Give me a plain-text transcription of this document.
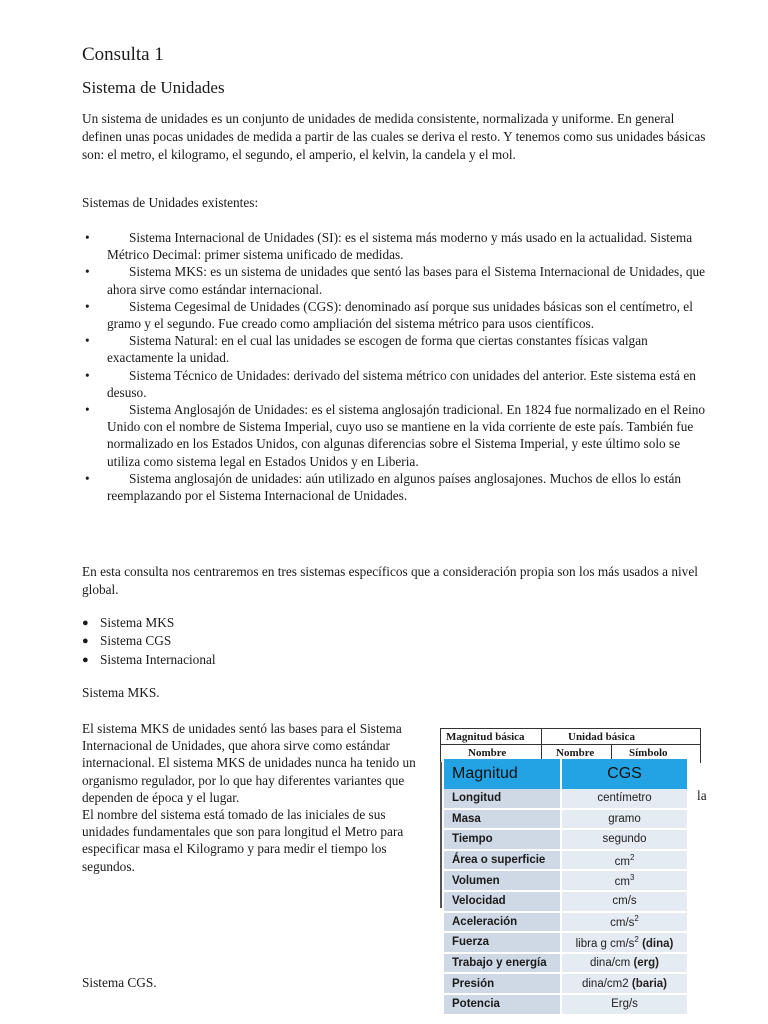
Consulta 1
Sistema de Unidades

Un sistema de unidades es un conjunto de unidades de medida consistente, normalizada y uniforme. En general definen unas pocas unidades de medida a partir de las cuales se deriva el resto. Y tenemos como sus unidades básicas son: el metro, el kilogramo, el segundo, el amperio, el kelvin, la candela y el mol.

Sistemas de Unidades existentes:

•	Sistema Internacional de Unidades (SI): es el sistema más moderno y más usado en la actualidad. Sistema Métrico Decimal: primer sistema unificado de medidas.
•	Sistema MKS: es un sistema de unidades que sentó las bases para el Sistema Internacional de Unidades, que ahora sirve como estándar internacional.
•	Sistema Cegesimal de Unidades (CGS): denominado así porque sus unidades básicas son el centímetro, el gramo y el segundo. Fue creado como ampliación del sistema métrico para usos científicos.
•	Sistema Natural: en el cual las unidades se escogen de forma que ciertas constantes físicas valgan exactamente la unidad.
•	Sistema Técnico de Unidades: derivado del sistema métrico con unidades del anterior. Este sistema está en desuso.
•	Sistema Anglosajón de Unidades: es el sistema anglosajón tradicional. En 1824 fue normalizado en el Reino Unido con el nombre de Sistema Imperial, cuyo uso se mantiene en la vida corriente de este país. También fue normalizado en los Estados Unidos, con algunas diferencias sobre el Sistema Imperial, y este último solo se utiliza como sistema legal en Estados Unidos y en Liberia.
•	Sistema anglosajón de unidades: aún utilizado en algunos países anglosajones. Muchos de ellos lo están reemplazando por el Sistema Internacional de Unidades.

En esta consulta nos centraremos en tres sistemas específicos que a consideración propia son los más usados a nivel global.

● Sistema MKS
● Sistema CGS
● Sistema Internacional

Sistema MKS.

El sistema MKS de unidades sentó las bases para el Sistema Internacional de Unidades, que ahora sirve como estándar internacional. El sistema MKS de unidades nunca ha tenido un organismo regulador, por lo que hay diferentes variantes que dependen de época y el lugar.
El nombre del sistema está tomado de las iniciales de sus unidades fundamentales que son para longitud el Metro para especificar masa el Kilogramo y para medir el tiempo los segundos.

Sistema CGS.

la
Magnitud básica	Unidad básica
Nombre	Nombre	Símbolo
Magnitud	CGS
Longitud	centímetro
Masa	gramo
Tiempo	segundo
Área o superficie	$cm^2$
Volumen	$cm^3$
Velocidad	cm/s
Aceleración	$cm/s^2$
Fuerza	libra g $cm/s^2$ (dina)
Trabajo y energía	dina/cm (erg)
Presión	dina/cm2 (baria)
Potencia	Erg/s
